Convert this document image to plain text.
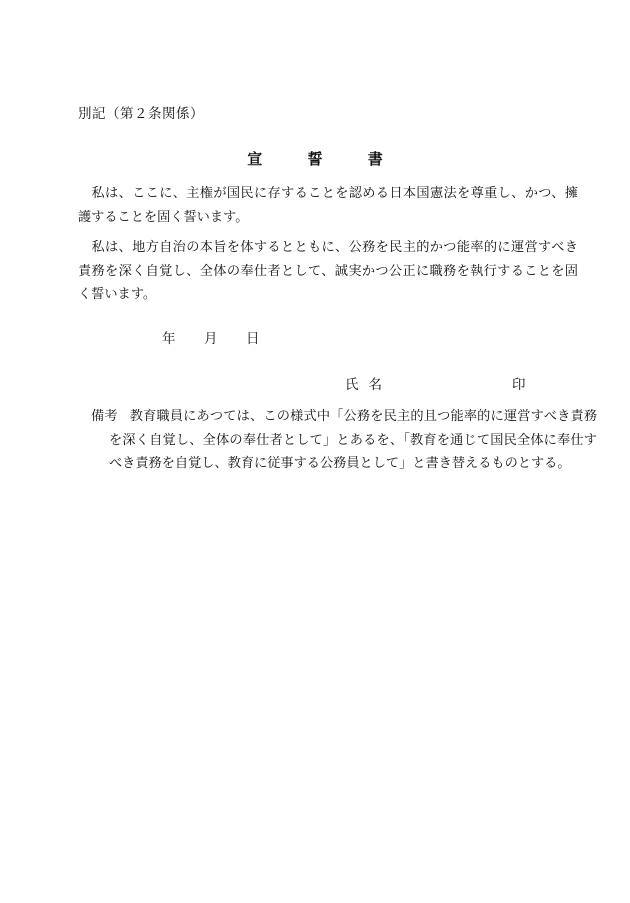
別記（第２条関係）
宣	誓	書

私は、ここに、主権が国民に存することを認める日本国憲法を尊重し、かつ、擁護することを固く誓います。

私は、地方自治の本旨を体するとともに、公務を民主的かつ能率的に運営すべき責務を深く自覚し、全体の奉仕者として、誠実かつ公正に職務を執行することを固く誓います。

年 月 日
氏名	印
備考 教育職員にあつては、この様式中「公務を民主的且つ能率的に運営すべき責務を深く自覚し、全体の奉仕者として」とあるを、「教育を通じて国民全体に奉仕すべき責務を自覚し、教育に従事する公務員として」と書き替えるものとする。
